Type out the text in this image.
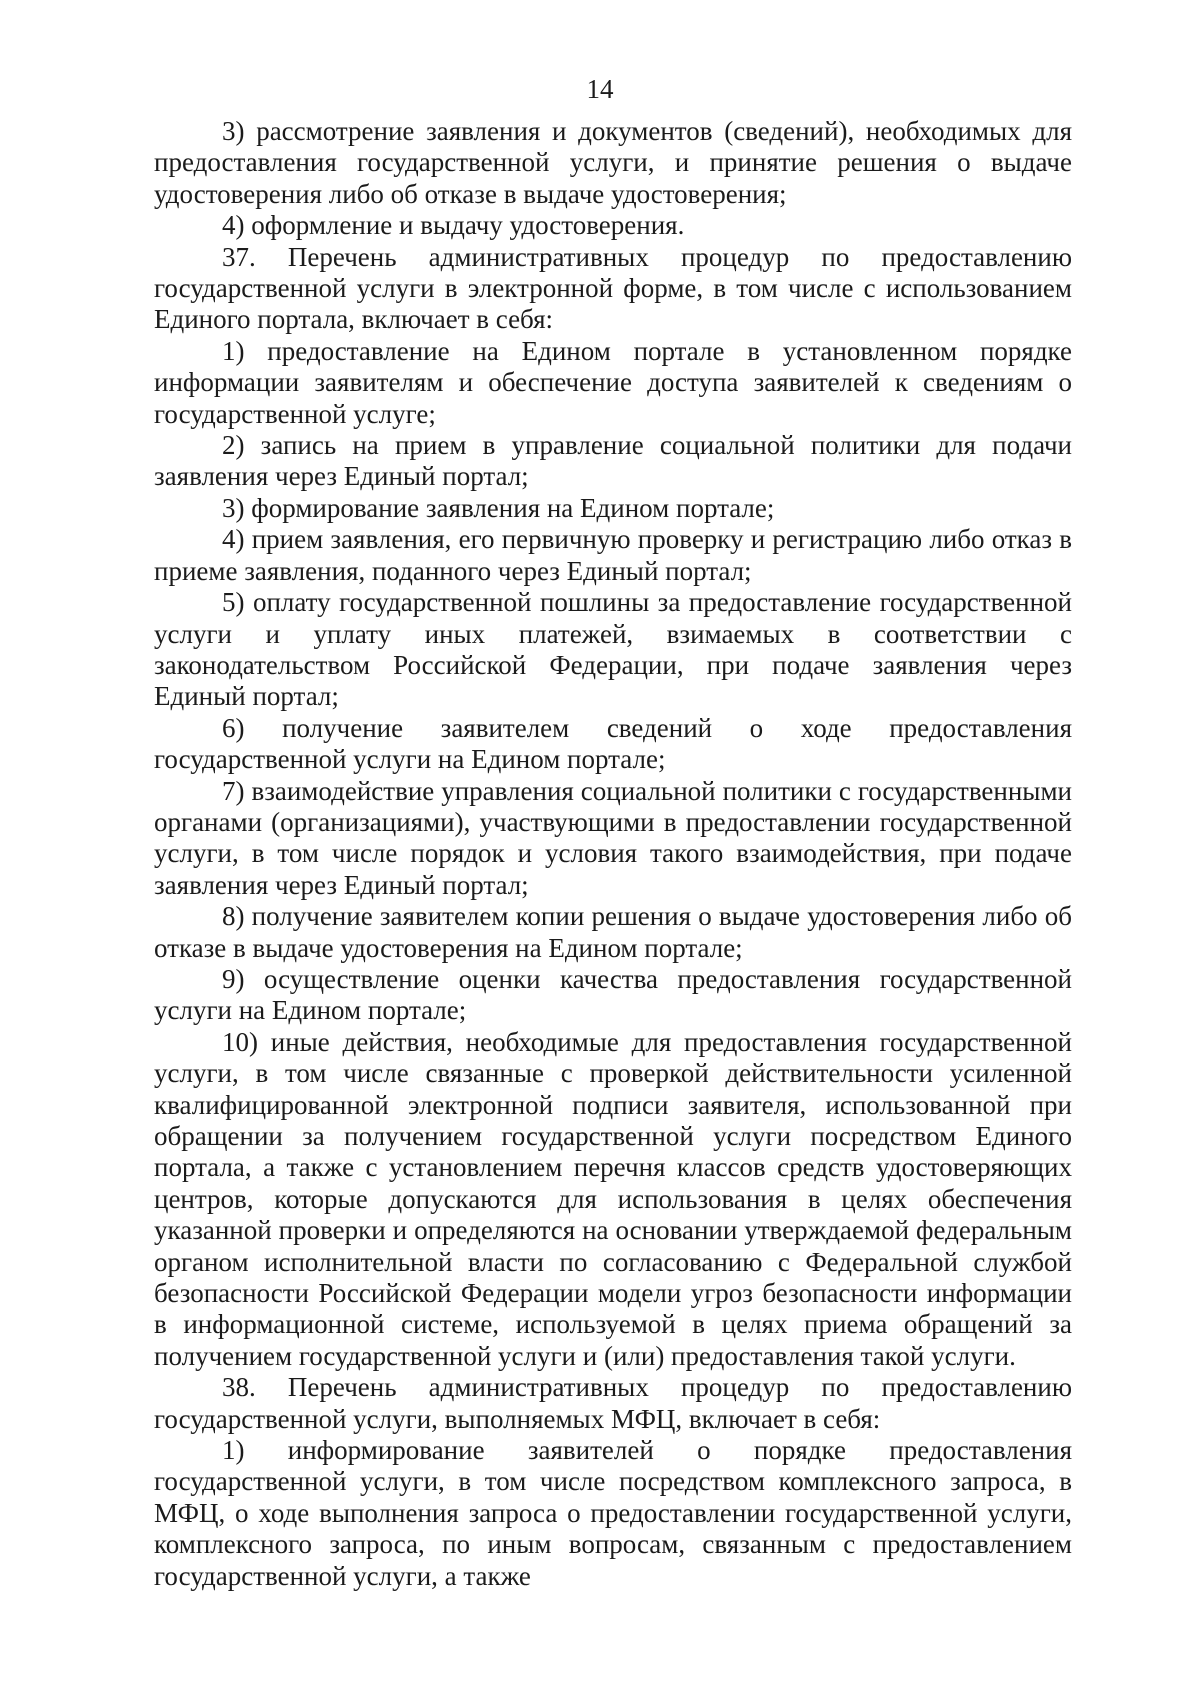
14

3) рассмотрение заявления и документов (сведений), необходимых для предоставления государственной услуги, и принятие решения о выдаче удостоверения либо об отказе в выдаче удостоверения;

4) оформление и выдачу удостоверения.

37. Перечень административных процедур по предоставлению государственной услуги в электронной форме, в том числе с использованием Единого портала, включает в себя:

1) предоставление на Едином портале в установленном порядке информации заявителям и обеспечение доступа заявителей к сведениям о государственной услуге;

2) запись на прием в управление социальной политики для подачи заявления через Единый портал;

3) формирование заявления на Едином портале;

4) прием заявления, его первичную проверку и регистрацию либо отказ в приеме заявления, поданного через Единый портал;

5) оплату государственной пошлины за предоставление государственной услуги и уплату иных платежей, взимаемых в соответствии с законодательством Российской Федерации, при подаче заявления через Единый портал;

6) получение заявителем сведений о ходе предоставления государственной услуги на Едином портале;

7) взаимодействие управления социальной политики с государственными органами (организациями), участвующими в предоставлении государственной услуги, в том числе порядок и условия такого взаимодействия, при подаче заявления через Единый портал;

8) получение заявителем копии решения о выдаче удостоверения либо об отказе в выдаче удостоверения на Едином портале;

9) осуществление оценки качества предоставления государственной услуги на Едином портале;

10) иные действия, необходимые для предоставления государственной услуги, в том числе связанные с проверкой действительности усиленной квалифицированной электронной подписи заявителя, использованной при обращении за получением государственной услуги посредством Единого портала, а также с установлением перечня классов средств удостоверяющих центров, которые допускаются для использования в целях обеспечения указанной проверки и определяются на основании утверждаемой федеральным органом исполнительной власти по согласованию с Федеральной службой безопасности Российской Федерации модели угроз безопасности информации в информационной системе, используемой в целях приема обращений за получением государственной услуги и (или) предоставления такой услуги.

38. Перечень административных процедур по предоставлению государственной услуги, выполняемых МФЦ, включает в себя:

1) информирование заявителей о порядке предоставления государственной услуги, в том числе посредством комплексного запроса, в МФЦ, о ходе выполнения запроса о предоставлении государственной услуги, комплексного запроса, по иным вопросам, связанным с предоставлением государственной услуги, а также
